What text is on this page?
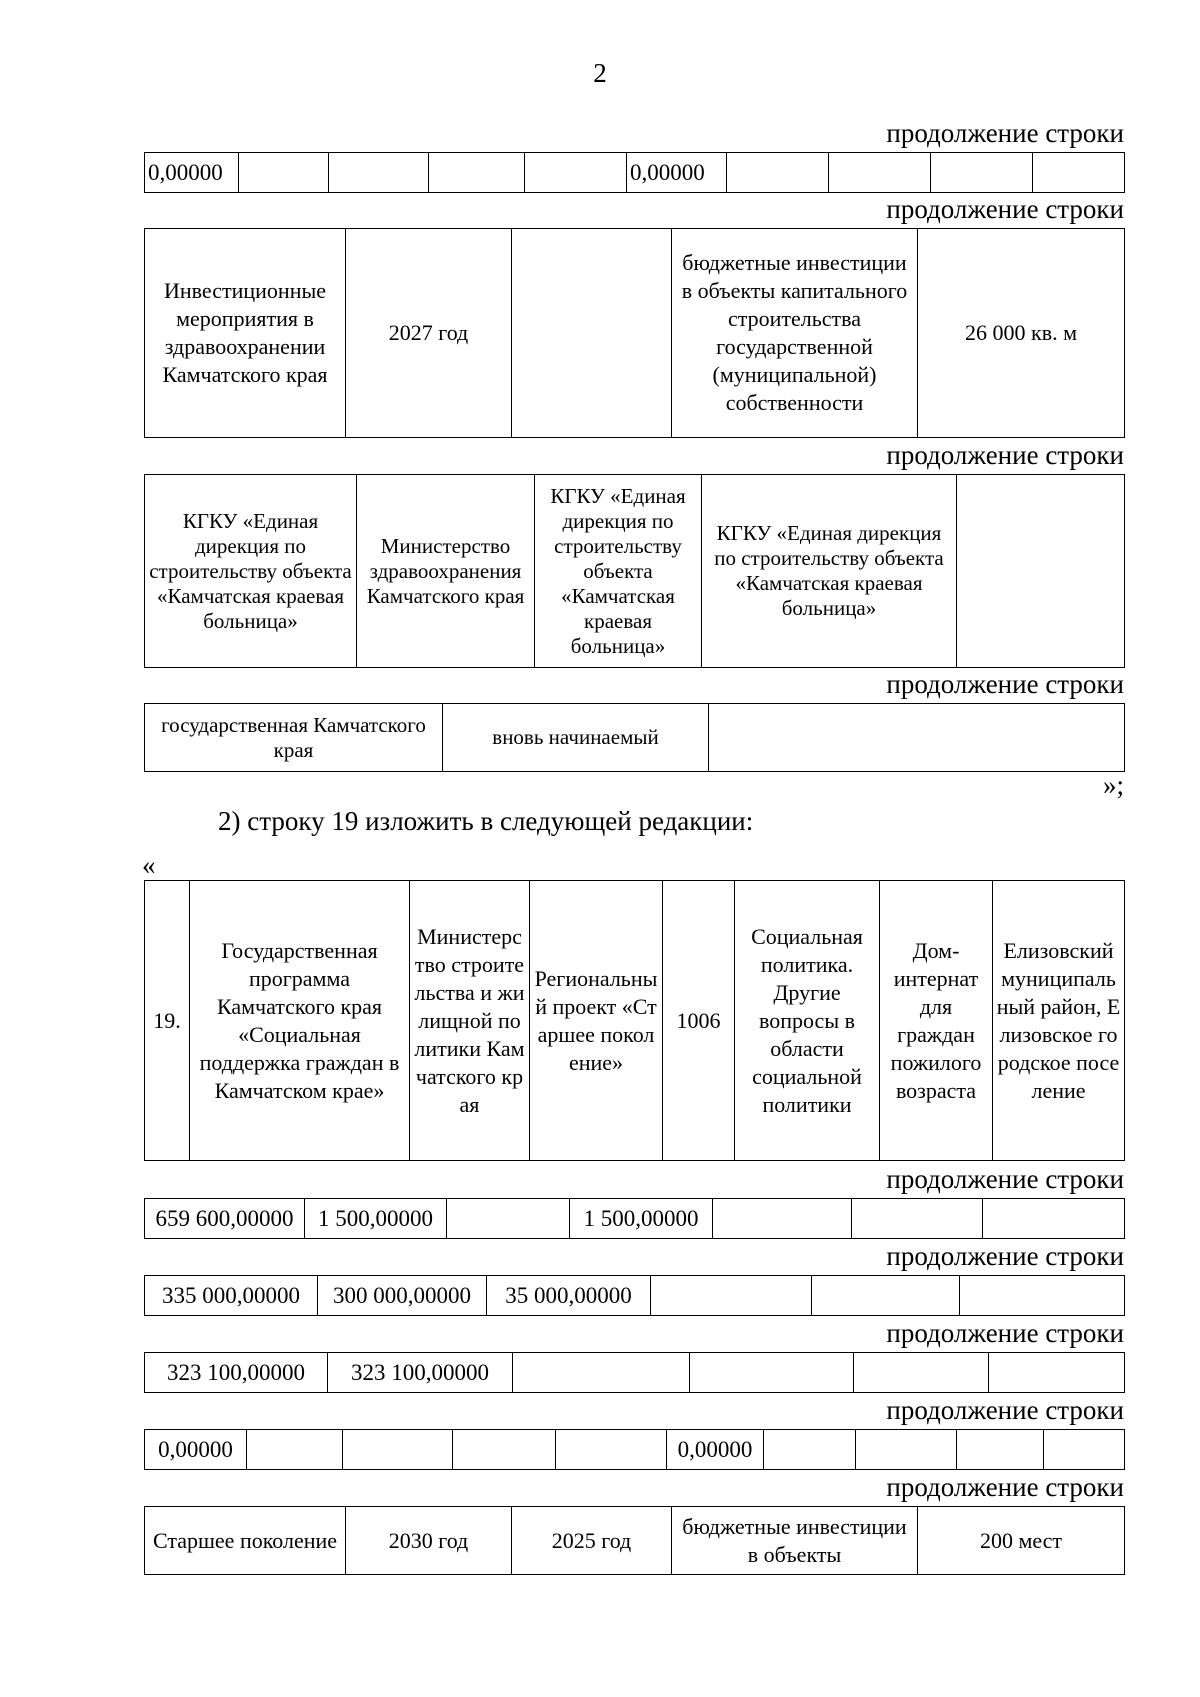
2
продолжение строки
продолжение строки
продолжение строки
продолжение строки
продолжение строки
продолжение строки
продолжение строки
продолжение строки
продолжение строки
0,00000					0,00000				
Инвестиционные мероприятия в здравоохранении Камчатского края	2027 год		бюджетные инвестиции в объекты капитального строительства государственной (муниципальной) собственности	26 000 кв. м
КГКУ «Единая дирекция по строительству объекта «Камчатская краевая больница»	Министерство здравоохранения Камчатского края	КГКУ «Единая дирекция по строительству объекта «Камчатская краевая больница»	КГКУ «Единая дирекция по строительству объекта «Камчатская краевая больница»	
государственная Камчатского края	вновь начинаемый	
»;
2) строку 19 изложить в следующей редакции:
«
19.	Государственная программа Камчатского края «Социальная поддержка граждан в Камчатском крае»	Министерство строительства и жилищной политики Камчатского края	Региональный проект «Старшее поколение»	1006	Социальная политика. Другие вопросы в области социальной политики	Дом-интернат для граждан пожилого возраста	Елизовский муниципальный район, Елизовское городское поселение
659 600,00000	1 500,00000		1 500,00000			
335 000,00000	300 000,00000	35 000,00000			
323 100,00000	323 100,00000				
0,00000					0,00000				
Старшее поколение	2030 год	2025 год	бюджетные инвестиции в объекты	200 мест
